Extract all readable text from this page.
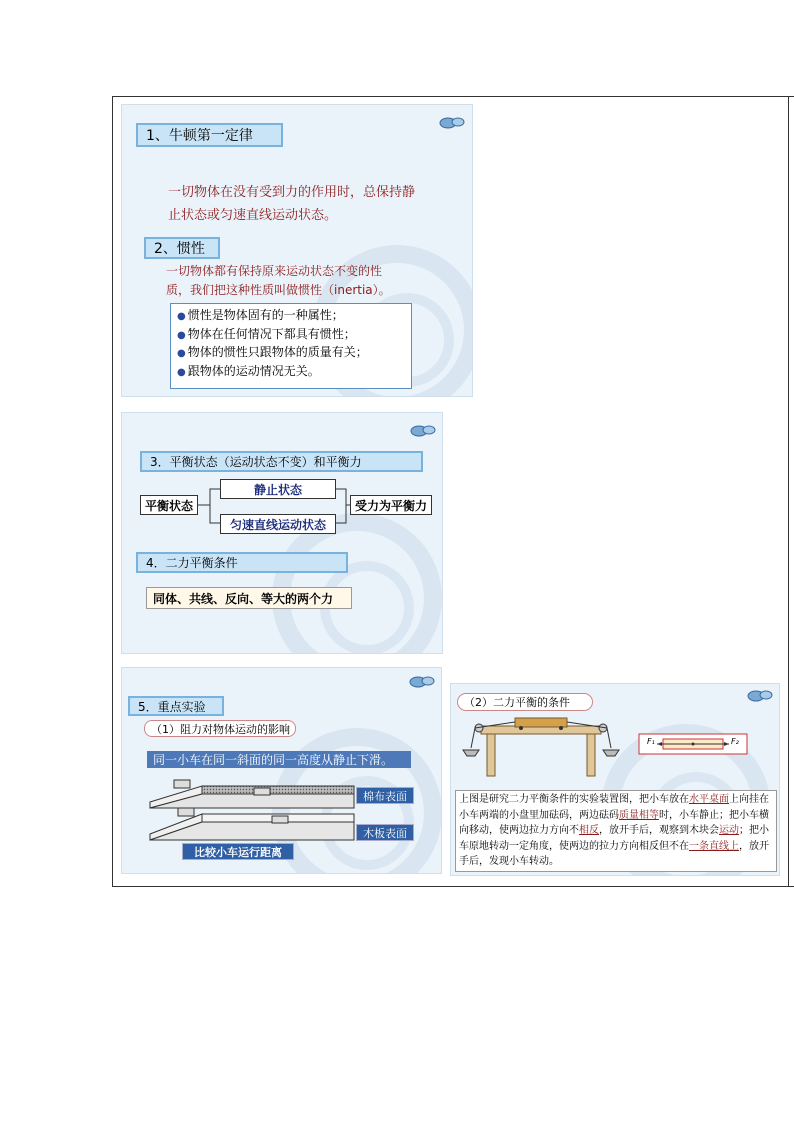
1、牛顿第一定律
一切物体在没有受到力的作用时，总保持静
止状态或匀速直线运动状态。
2、惯性
一切物体都有保持原来运动状态不变的性
质，我们把这种性质叫做惯性（inertia）。
● 惯性是物体固有的一种属性；
● 物体在任何情况下都具有惯性；
● 物体的惯性只跟物体的质量有关；
● 跟物体的运动情况无关。
3．平衡状态（运动状态不变）和平衡力
平衡状态
静止状态
匀速直线运动状态
受力为平衡力
4．二力平衡条件
同体、共线、反向、等大的两个力
5．重点实验
（1）阻力对物体运动的影响
同一小车在同一斜面的同一高度从静止下滑。
棉布表面
木板表面
比较小车运行距离
（2）二力平衡的条件
F₁	F₂

上图是研究二力平衡条件的实验装置图，把小车放在水平桌面上向挂在小车两端的小盘里加砝码，两边砝码质量相等时，小车静止；把小车横向移动，使两边拉力方向不相反，放开手后，观察到木块会运动；把小车原地转动一定角度，使两边的拉力方向相反但不在一条直线上，放开手后，发现小车转动。
